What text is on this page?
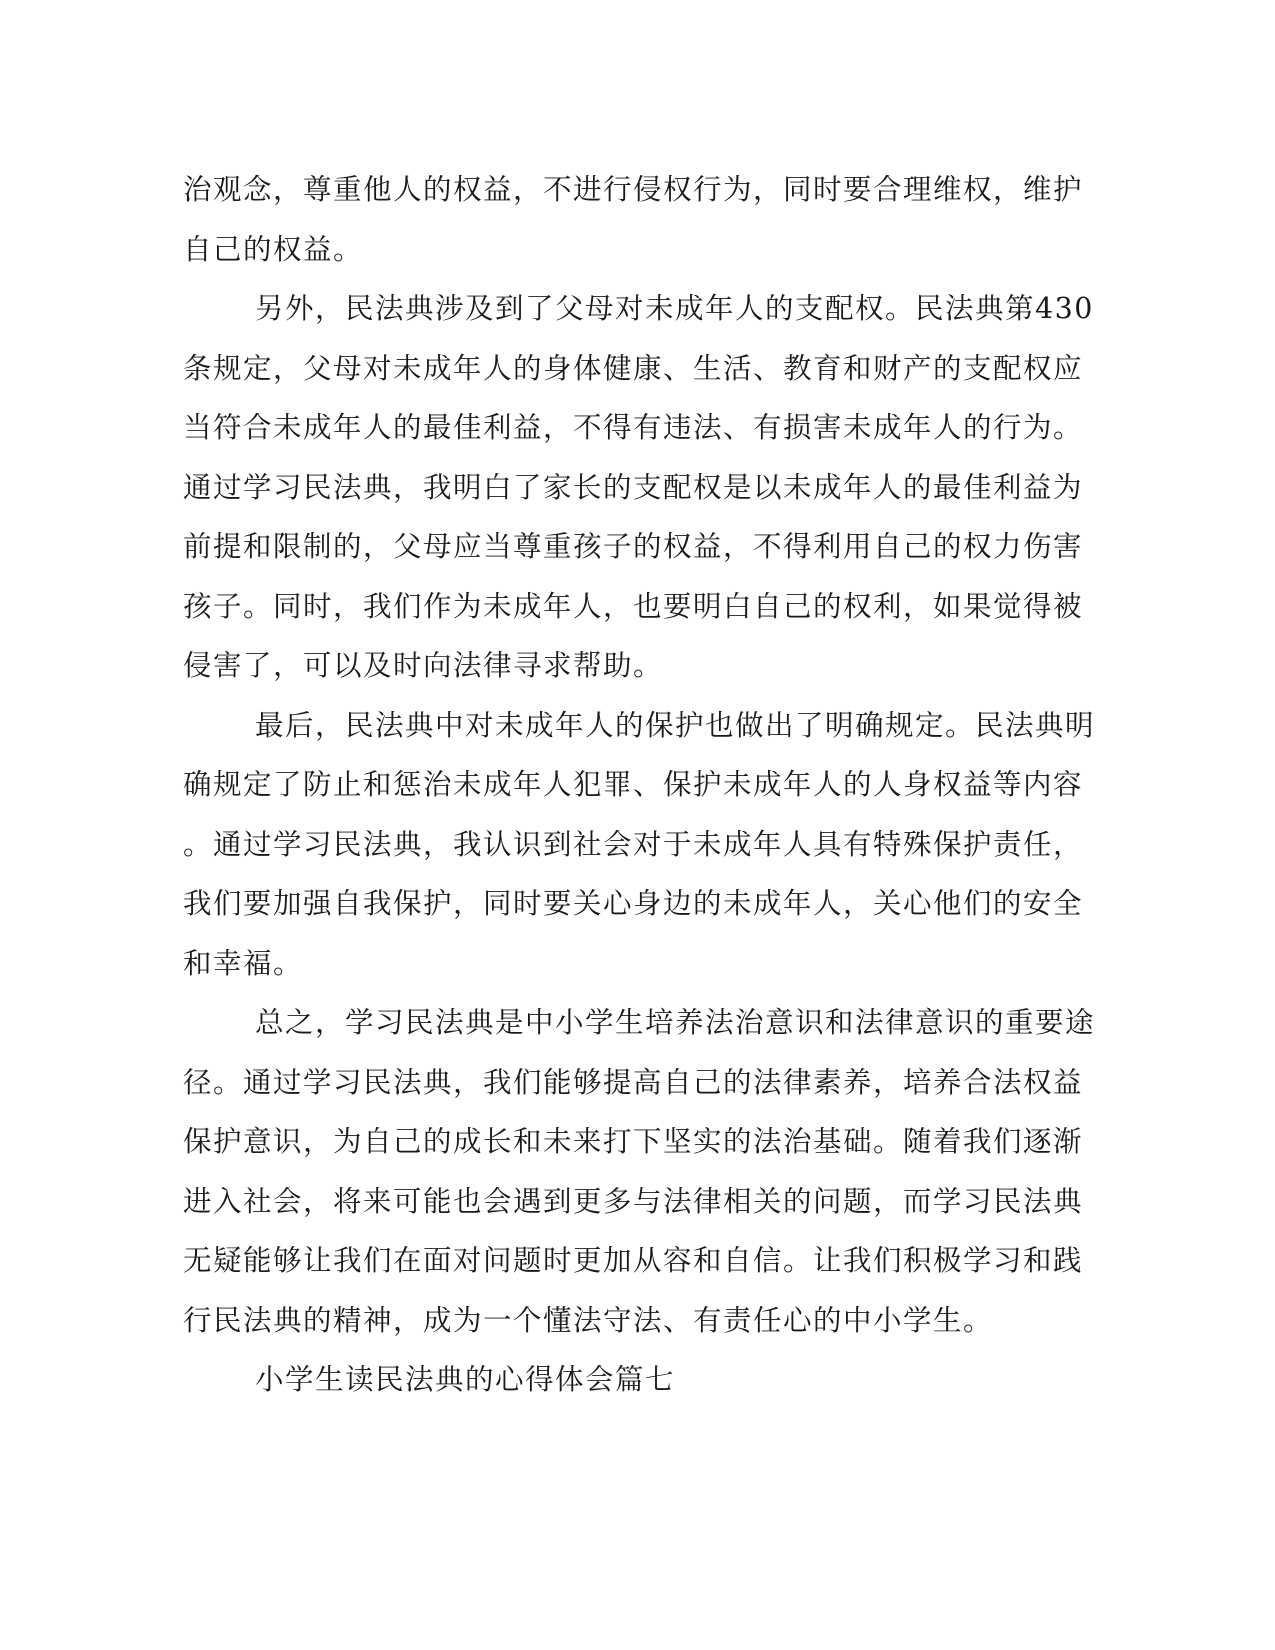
治观念，尊重他人的权益，不进行侵权行为，同时要合理维权，维护
自己的权益。
另外，民法典涉及到了父母对未成年人的支配权。民法典第430
条规定，父母对未成年人的身体健康、生活、教育和财产的支配权应
当符合未成年人的最佳利益，不得有违法、有损害未成年人的行为。
通过学习民法典，我明白了家长的支配权是以未成年人的最佳利益为
前提和限制的，父母应当尊重孩子的权益，不得利用自己的权力伤害
孩子。同时，我们作为未成年人，也要明白自己的权利，如果觉得被
侵害了，可以及时向法律寻求帮助。
最后，民法典中对未成年人的保护也做出了明确规定。民法典明
确规定了防止和惩治未成年人犯罪、保护未成年人的人身权益等内容
。通过学习民法典，我认识到社会对于未成年人具有特殊保护责任，
我们要加强自我保护，同时要关心身边的未成年人，关心他们的安全
和幸福。
总之，学习民法典是中小学生培养法治意识和法律意识的重要途
径。通过学习民法典，我们能够提高自己的法律素养，培养合法权益
保护意识，为自己的成长和未来打下坚实的法治基础。随着我们逐渐
进入社会，将来可能也会遇到更多与法律相关的问题，而学习民法典
无疑能够让我们在面对问题时更加从容和自信。让我们积极学习和践
行民法典的精神，成为一个懂法守法、有责任心的中小学生。
小学生读民法典的心得体会篇七
